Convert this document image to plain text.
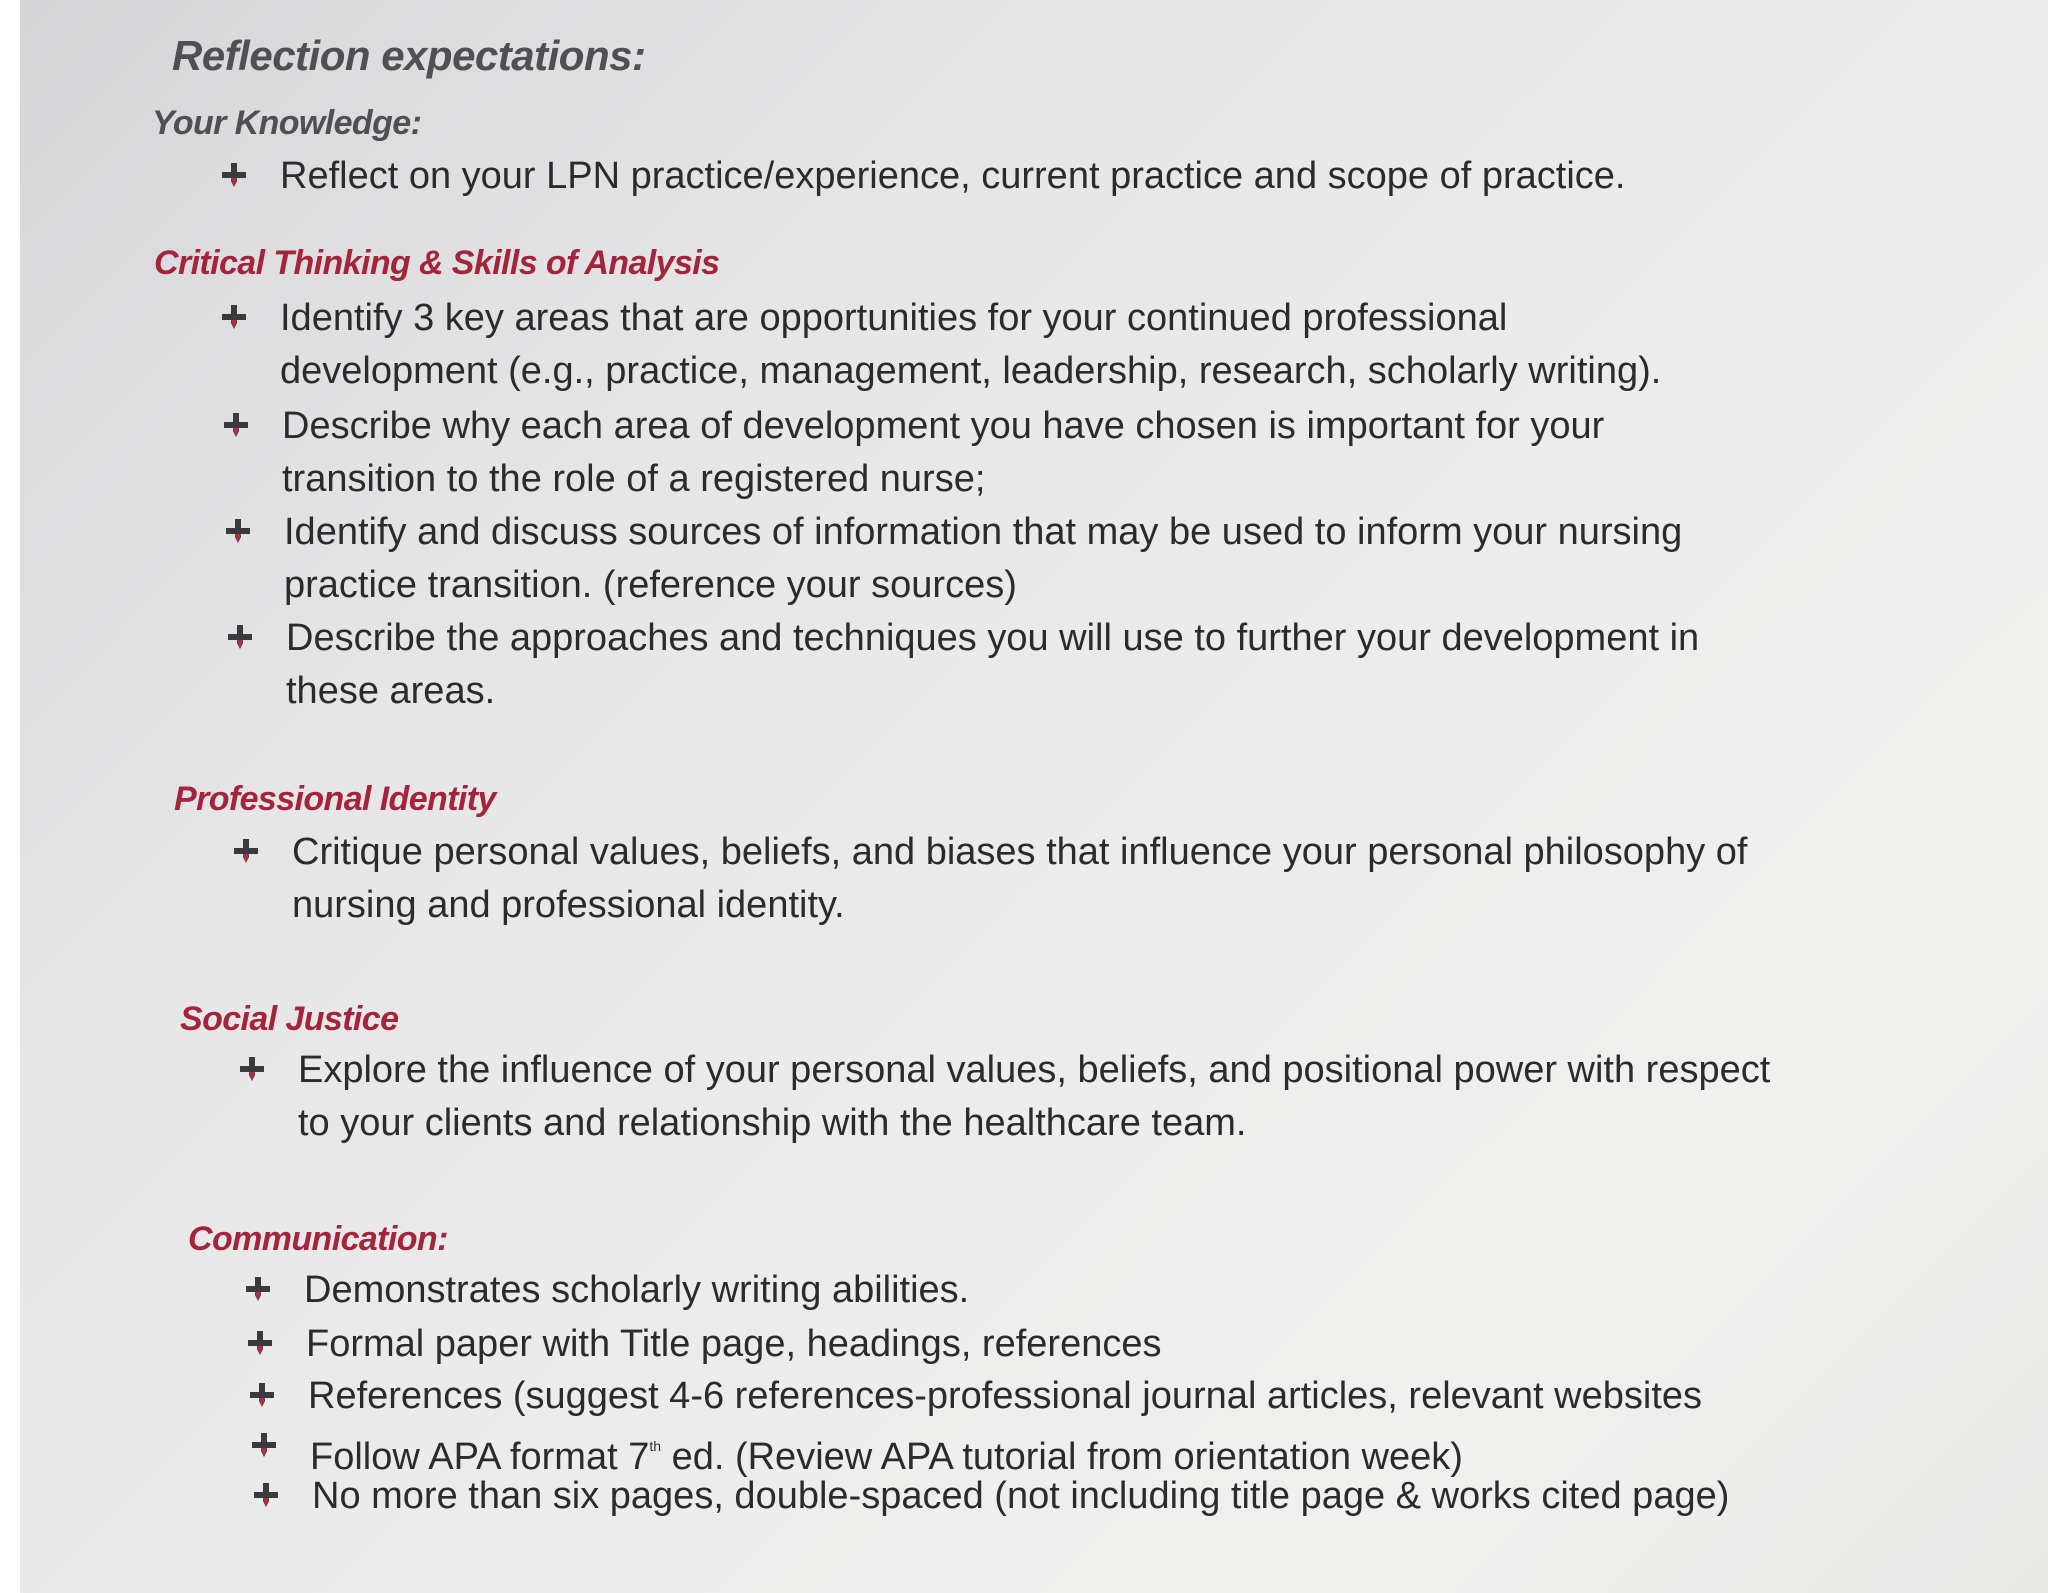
Reflection expectations:
Your Knowledge:
Reflect on your LPN practice/experience, current practice and scope of practice.
Critical Thinking & Skills of Analysis
Identify 3 key areas that are opportunities for your continued professional
development (e.g., practice, management, leadership, research, scholarly writing).
Describe why each area of development you have chosen is important for your
transition to the role of a registered nurse;
Identify and discuss sources of information that may be used to inform your nursing
practice transition. (reference your sources)
Describe the approaches and techniques you will use to further your development in
these areas.
Professional Identity
Critique personal values, beliefs, and biases that influence your personal philosophy of
nursing and professional identity.
Social Justice
Explore the influence of your personal values, beliefs, and positional power with respect
to your clients and relationship with the healthcare team.
Communication:
Demonstrates scholarly writing abilities.
Formal paper with Title page, headings, references
References (suggest 4-6 references-professional journal articles, relevant websites
Follow APA format 7th ed. (Review APA tutorial from orientation week)
No more than six pages, double-spaced (not including title page & works cited page)
